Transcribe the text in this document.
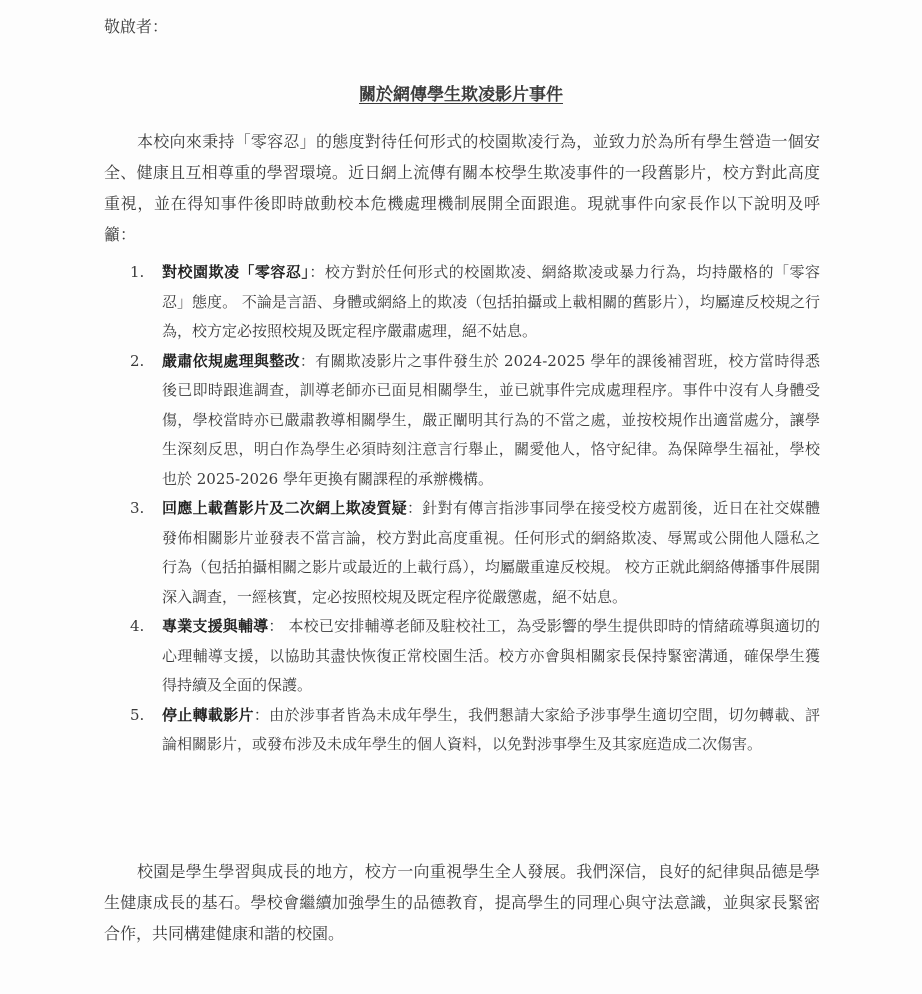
敬啟者：
關於網傳學生欺凌影片事件

本校向來秉持「零容忍」的態度對待任何形式的校園欺凌行為，並致力於為所有學生營造一個安全、健康且互相尊重的學習環境。近日網上流傳有關本校學生欺凌事件的一段舊影片，校方對此高度重視，並在得知事件後即時啟動校本危機處理機制展開全面跟進。現就事件向家長作以下說明及呼籲：

1. 對校園欺凌「零容忍」：校方對於任何形式的校園欺凌、網絡欺凌或暴力行為，均持嚴格的「零容忍」態度。 不論是言語、身體或網絡上的欺凌（包括拍攝或上載相關的舊影片），均屬違反校規之行為，校方定必按照校規及既定程序嚴肅處理，絕不姑息。
2. 嚴肅依規處理與整改：有關欺凌影片之事件發生於 2024-2025 學年的課後補習班，校方當時得悉後已即時跟進調查，訓導老師亦已面見相關學生，並已就事件完成處理程序。事件中沒有人身體受傷，學校當時亦已嚴肅教導相關學生，嚴正闡明其行為的不當之處，並按校規作出適當處分，讓學生深刻反思，明白作為學生必須時刻注意言行舉止，關愛他人，恪守紀律。為保障學生福祉，學校也於 2025-2026 學年更換有關課程的承辦機構。
3. 回應上載舊影片及二次網上欺凌質疑：針對有傳言指涉事同學在接受校方處罰後，近日在社交媒體發佈相關影片並發表不當言論，校方對此高度重視。任何形式的網絡欺凌、辱罵或公開他人隱私之行為（包括拍攝相關之影片或最近的上載行爲），均屬嚴重違反校規。 校方正就此網絡傳播事件展開深入調查，一經核實，定必按照校規及既定程序從嚴懲處，絕不姑息。
4. 專業支援與輔導： 本校已安排輔導老師及駐校社工，為受影響的學生提供即時的情緒疏導與適切的心理輔導支援，以協助其盡快恢復正常校園生活。校方亦會與相關家長保持緊密溝通，確保學生獲得持續及全面的保護。
5. 停止轉載影片：由於涉事者皆為未成年學生，我們懇請大家給予涉事學生適切空間，切勿轉載、評論相關影片，或發布涉及未成年學生的個人資料，以免對涉事學生及其家庭造成二次傷害。

校園是學生學習與成長的地方，校方一向重視學生全人發展。我們深信，良好的紀律與品德是學生健康成長的基石。學校會繼續加強學生的品德教育，提高學生的同理心與守法意識，並與家長緊密合作，共同構建健康和諧的校園。
